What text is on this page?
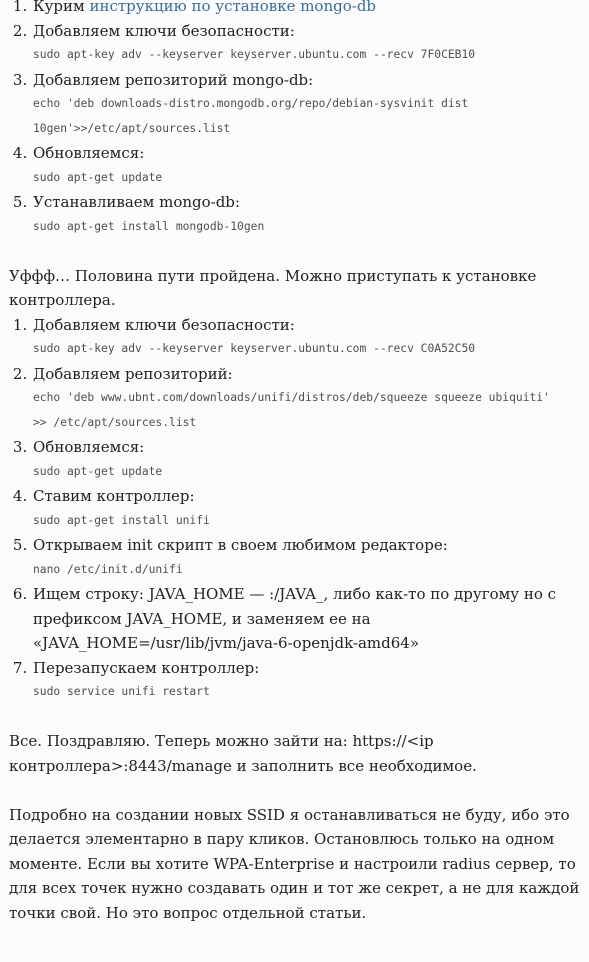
1. Курим инструкцию по установке mongo-db
2. Добавляем ключи безопасности:
sudo apt-key adv --keyserver keyserver.ubuntu.com --recv 7F0CEB10
3. Добавляем репозиторий mongo-db:
echo 'deb downloads-distro.mongodb.org/repo/debian-sysvinit dist
10gen'>>/etc/apt/sources.list
4. Обновляемся:
sudo apt-get update
5. Устанавливаем mongo-db:
sudo apt-get install mongodb-10gen

Уффф… Половина пути пройдена. Можно приступать к установке контроллера.

1. Добавляем ключи безопасности:
sudo apt-key adv --keyserver keyserver.ubuntu.com --recv C0A52C50
2. Добавляем репозиторий:
echo 'deb www.ubnt.com/downloads/unifi/distros/deb/squeeze squeeze ubiquiti'
>> /etc/apt/sources.list
3. Обновляемся:
sudo apt-get update
4. Ставим контроллер:
sudo apt-get install unifi
5. Открываем init скрипт в своем любимом редакторе:
nano /etc/init.d/unifi
6. Ищем строку: JAVA_HOME — :/JAVA_, либо как-то по другому но с префиксом JAVA_HOME, и заменяем ее на «JAVA_HOME=/usr/lib/jvm/java-6-openjdk-amd64»
7. Перезапускаем контроллер:
sudo service unifi restart

Все. Поздравляю. Теперь можно зайти на: https://<ip контроллера>:8443/manage и заполнить все необходимое.

Подробно на создании новых SSID я останавливаться не буду, ибо это делается элементарно в пару кликов. Остановлюсь только на одном моменте. Если вы хотите WPA-Enterprise и настроили radius сервер, то для всех точек нужно создавать один и тот же секрет, а не для каждой точки свой. Но это вопрос отдельной статьи.
